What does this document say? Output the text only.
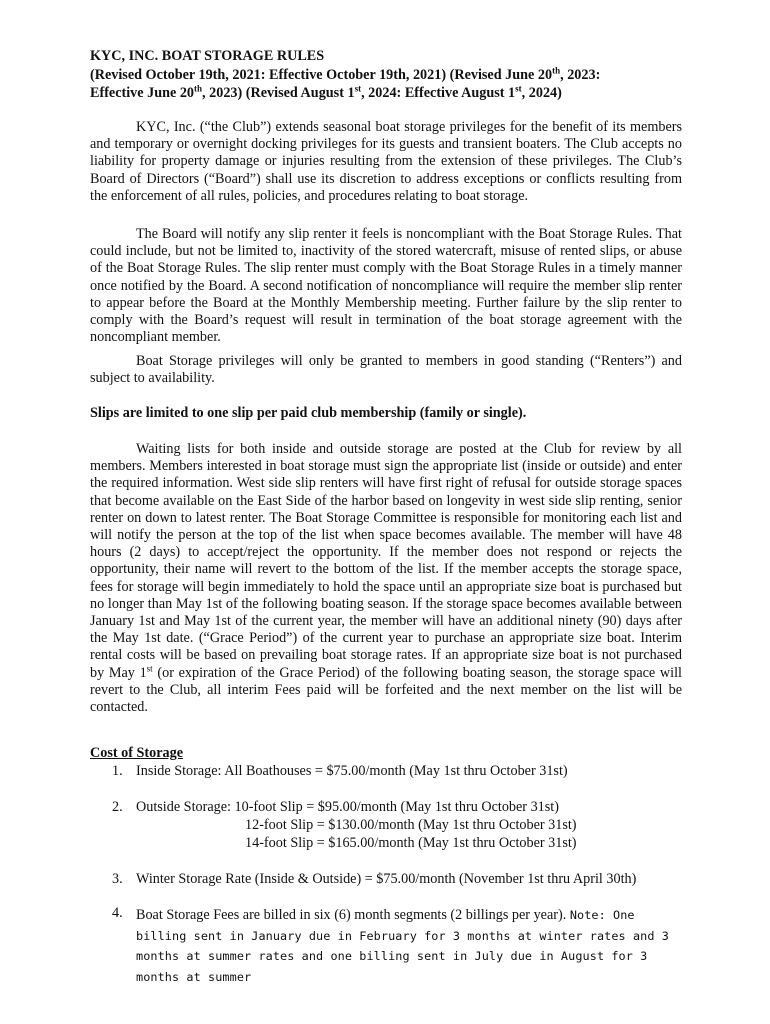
KYC, INC. BOAT STORAGE RULES
(Revised October 19th, 2021: Effective October 19th, 2021) (Revised June 20th, 2023:
Effective June 20th, 2023) (Revised August 1st, 2024: Effective August 1st, 2024)

KYC, Inc. (“the Club”) extends seasonal boat storage privileges for the benefit of its members and temporary or overnight docking privileges for its guests and transient boaters. The Club accepts no liability for property damage or injuries resulting from the extension of these privileges. The Club’s Board of Directors (“Board”) shall use its discretion to address exceptions or conflicts resulting from the enforcement of all rules, policies, and procedures relating to boat storage.

The Board will notify any slip renter it feels is noncompliant with the Boat Storage Rules. That could include, but not be limited to, inactivity of the stored watercraft, misuse of rented slips, or abuse of the Boat Storage Rules. The slip renter must comply with the Boat Storage Rules in a timely manner once notified by the Board. A second notification of noncompliance will require the member slip renter to appear before the Board at the Monthly Membership meeting. Further failure by the slip renter to comply with the Board’s request will result in termination of the boat storage agreement with the noncompliant member.

Boat Storage privileges will only be granted to members in good standing (“Renters”) and subject to availability.

Slips are limited to one slip per paid club membership (family or single).

Waiting lists for both inside and outside storage are posted at the Club for review by all members. Members interested in boat storage must sign the appropriate list (inside or outside) and enter the required information. West side slip renters will have first right of refusal for outside storage spaces that become available on the East Side of the harbor based on longevity in west side slip renting, senior renter on down to latest renter. The Boat Storage Committee is responsible for monitoring each list and will notify the person at the top of the list when space becomes available. The member will have 48 hours (2 days) to accept/reject the opportunity. If the member does not respond or rejects the opportunity, their name will revert to the bottom of the list. If the member accepts the storage space, fees for storage will begin immediately to hold the space until an appropriate size boat is purchased but no longer than May 1st of the following boating season. If the storage space becomes available between January 1st and May 1st of the current year, the member will have an additional ninety (90) days after the May 1st date. (“Grace Period”) of the current year to purchase an appropriate size boat. Interim rental costs will be based on prevailing boat storage rates. If an appropriate size boat is not purchased by May 1st (or expiration of the Grace Period) of the following boating season, the storage space will revert to the Club, all interim Fees paid will be forfeited and the next member on the list will be contacted.

Cost of Storage
1. Inside Storage: All Boathouses = $75.00/month (May 1st thru October 31st)
2. Outside Storage: 10-foot Slip = $95.00/month (May 1st thru October 31st)
12-foot Slip = $130.00/month (May 1st thru October 31st)
14-foot Slip = $165.00/month (May 1st thru October 31st)
3. Winter Storage Rate (Inside & Outside) = $75.00/month (November 1st thru April 30th)
4. Boat Storage Fees are billed in six (6) month segments (2 billings per year). Note: One billing sent in January due in February for 3 months at winter rates and 3 months at summer rates and one billing sent in July due in August for 3 months at summer
